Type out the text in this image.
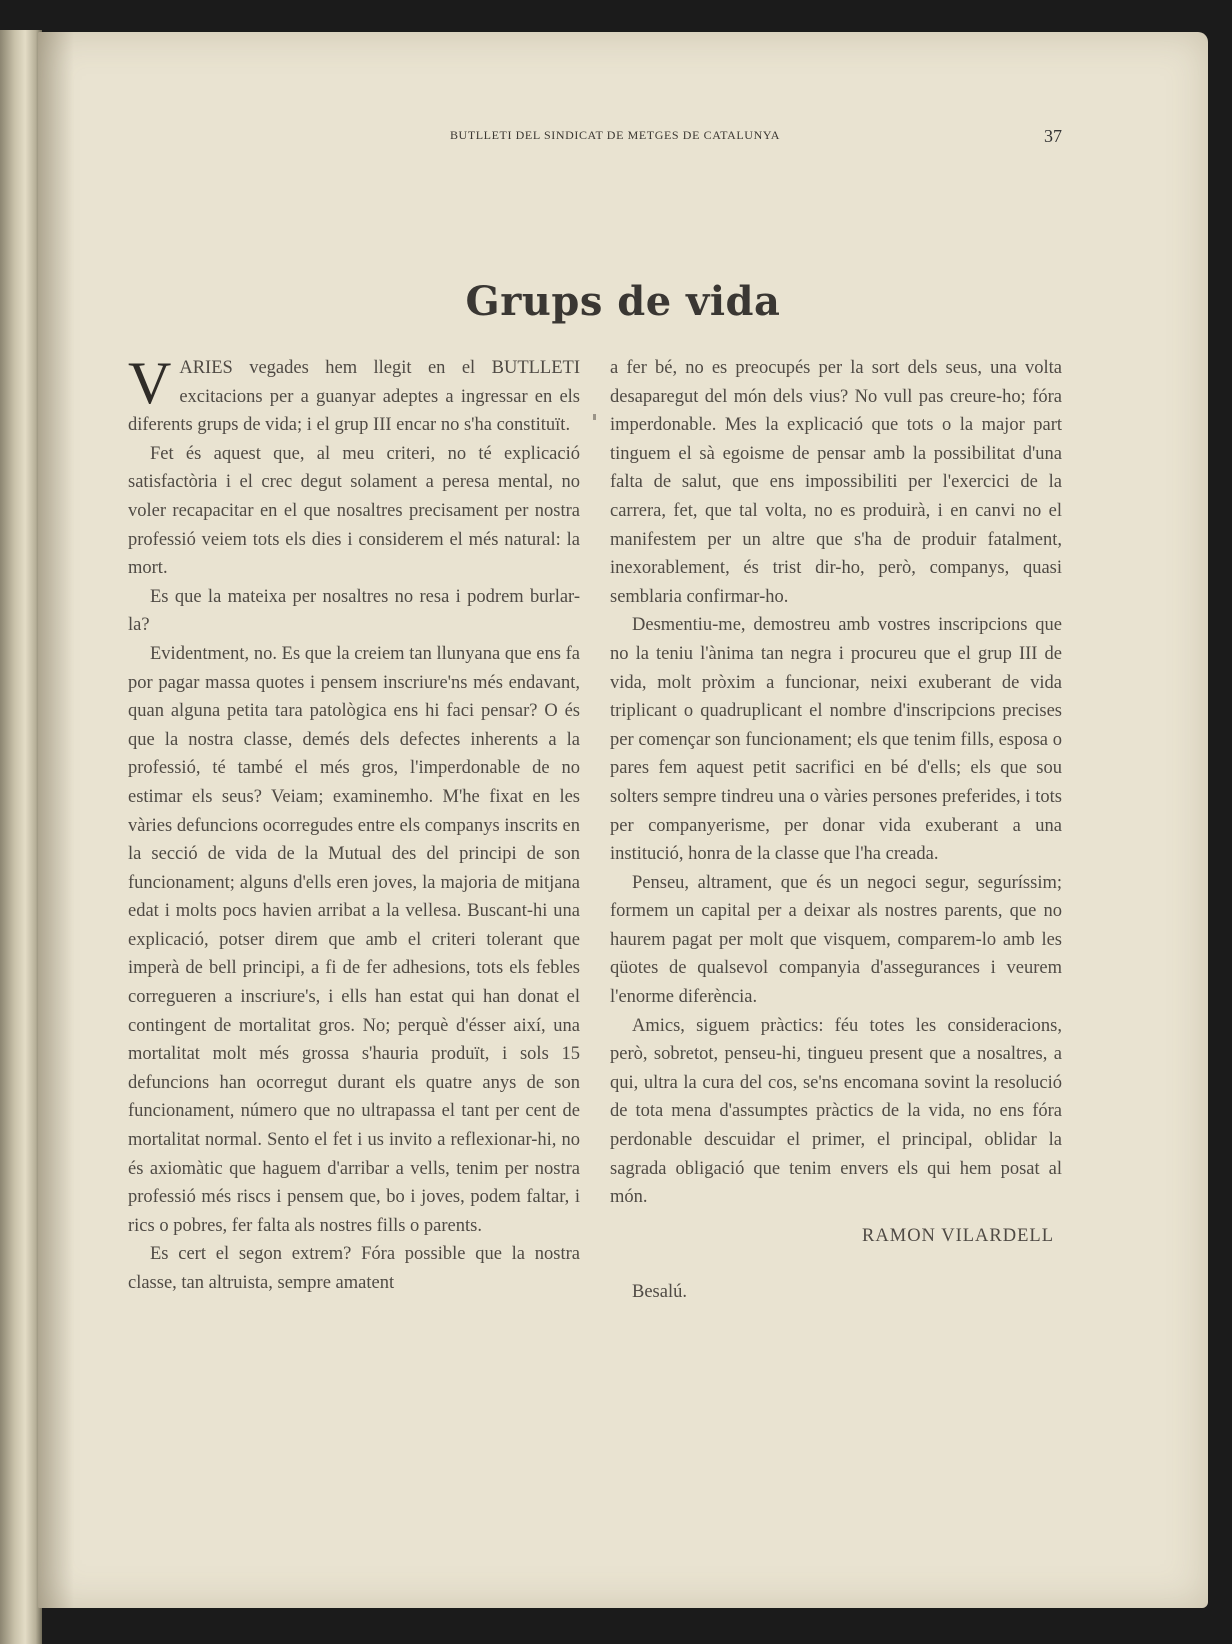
BUTLLETI DEL SINDICAT DE METGES DE CATALUNYA	37
Grups de vida

VARIES vegades hem llegit en el BUTLLETI excitacions per a guanyar adeptes a ingressar en els diferents grups de vida; i el grup III encar no s'ha constituït.

Fet és aquest que, al meu criteri, no té explicació satisfactòria i el crec degut solament a peresa mental, no voler recapacitar en el que nosaltres precisament per nostra professió veiem tots els dies i considerem el més natural: la mort.

Es que la mateixa per nosaltres no resa i podrem burlar-la?

Evidentment, no. Es que la creiem tan llunyana que ens fa por pagar massa quotes i pensem inscriure'ns més endavant, quan alguna petita tara patològica ens hi faci pensar? O és que la nostra classe, demés dels defectes inherents a la professió, té també el més gros, l'imperdonable de no estimar els seus? Veiam; examinemho. M'he fixat en les vàries defuncions ocorregudes entre els companys inscrits en la secció de vida de la Mutual des del principi de son funcionament; alguns d'ells eren joves, la majoria de mitjana edat i molts pocs havien arribat a la vellesa. Buscant-hi una explicació, potser direm que amb el criteri tolerant que imperà de bell principi, a fi de fer adhesions, tots els febles corregueren a inscriure's, i ells han estat qui han donat el contingent de mortalitat gros. No; perquè d'ésser així, una mortalitat molt més grossa s'hauria produït, i sols 15 defuncions han ocorregut durant els quatre anys de son funcionament, número que no ultrapassa el tant per cent de mortalitat normal. Sento el fet i us invito a reflexionar-hi, no és axiomàtic que haguem d'arribar a vells, tenim per nostra professió més riscs i pensem que, bo i joves, podem faltar, i rics o pobres, fer falta als nostres fills o parents.

Es cert el segon extrem? Fóra possible que la nostra classe, tan altruista, sempre amatent

a fer bé, no es preocupés per la sort dels seus, una volta desaparegut del món dels vius? No vull pas creure-ho; fóra imperdonable. Mes la explicació que tots o la major part tinguem el sà egoisme de pensar amb la possibilitat d'una falta de salut, que ens impossibiliti per l'exercici de la carrera, fet, que tal volta, no es produirà, i en canvi no el manifestem per un altre que s'ha de produir fatalment, inexorablement, és trist dir-ho, però, companys, quasi semblaria confirmar-ho.

Desmentiu-me, demostreu amb vostres inscripcions que no la teniu l'ànima tan negra i procureu que el grup III de vida, molt pròxim a funcionar, neixi exuberant de vida triplicant o quadruplicant el nombre d'inscripcions precises per començar son funcionament; els que tenim fills, esposa o pares fem aquest petit sacrifici en bé d'ells; els que sou solters sempre tindreu una o vàries persones preferides, i tots per companyerisme, per donar vida exuberant a una institució, honra de la classe que l'ha creada.

Penseu, altrament, que és un negoci segur, seguríssim; formem un capital per a deixar als nostres parents, que no haurem pagat per molt que visquem, comparem-lo amb les qüotes de qualsevol companyia d'assegurances i veurem l'enorme diferència.

Amics, siguem pràctics: féu totes les consideracions, però, sobretot, penseu-hi, tingueu present que a nosaltres, a qui, ultra la cura del cos, se'ns encomana sovint la resolució de tota mena d'assumptes pràctics de la vida, no ens fóra perdonable descuidar el primer, el principal, oblidar la sagrada obligació que tenim envers els qui hem posat al món.

RAMON VILARDELL
Besalú.
